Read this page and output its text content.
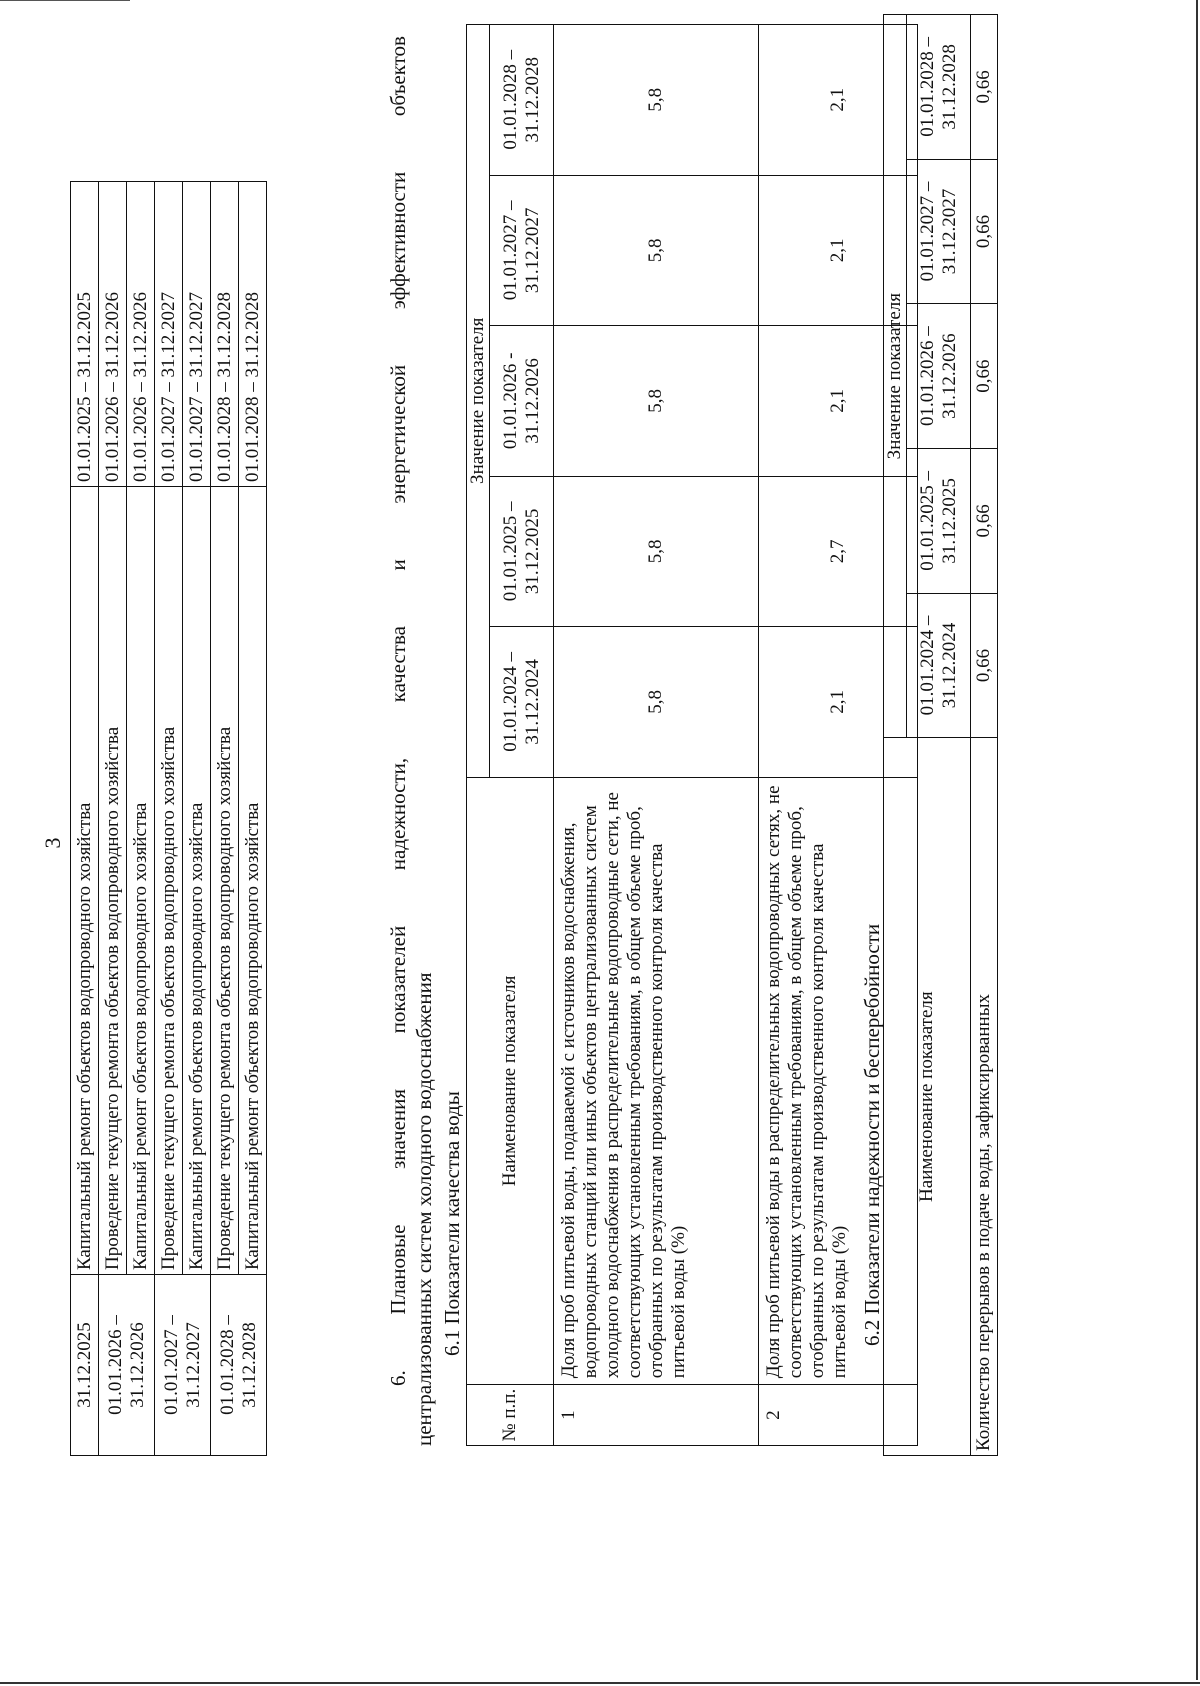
3
31.12.2025	Капитальный ремонт объектов водопроводного хозяйства	01.01.2025 – 31.12.2025
01.01.2026 – 31.12.2026	Проведение текущего ремонта объектов водопроводного хозяйства	01.01.2026 – 31.12.2026
	Капитальный ремонт объектов водопроводного хозяйства	01.01.2026 – 31.12.2026
01.01.2027 – 31.12.2027	Проведение текущего ремонта объектов водопроводного хозяйства	01.01.2027 – 31.12.2027
	Капитальный ремонт объектов водопроводного хозяйства	01.01.2027 – 31.12.2027
01.01.2028 – 31.12.2028	Проведение текущего ремонта объектов водопроводного хозяйства	01.01.2028 – 31.12.2028
	Капитальный ремонт объектов водопроводного хозяйства	01.01.2028 – 31.12.2028
6.
Плановые
значения
показателей
надежности,
качества
и
энергетической
эффективности
объектов
централизованных систем холодного водоснабжения 6.1 Показатели качества воды
№ п.п.	Наименование показателя	Значение показателя				
		01.01.2024 – 31.12.2024	01.01.2025 – 31.12.2025	01.01.2026 - 31.12.2026	01.01.2027 – 31.12.2027	01.01.2028 – 31.12.2028
1	Доля проб питьевой воды, подаваемой с источников водоснабжения, водопроводных станций или иных объектов централизованных систем холодного водоснабжения в распределительные водопроводные сети, не соответствующих установленным требованиям, в общем объеме проб, отобранных по результатам производственного контроля качества питьевой воды (%)	5,8	5,8	5,8	5,8	5,8
2	Доля проб питьевой воды в распределительных водопроводных сетях, не соответствующих установленным требованиям, в общем объеме проб, отобранных по результатам производственного контроля качества питьевой воды (%)	2,1	2,7	2,1	2,1	2,1
6.2 Показатели надежности и бесперебойности Наименование показателя	Значение показателя				
	01.01.2024 – 31.12.2024	01.01.2025 – 31.12.2025	01.01.2026 – 31.12.2026	01.01.2027 – 31.12.2027	01.01.2028 – 31.12.2028
Количество перерывов в подаче воды, зафиксированных	0,66	0,66	0,66	0,66	0,66
